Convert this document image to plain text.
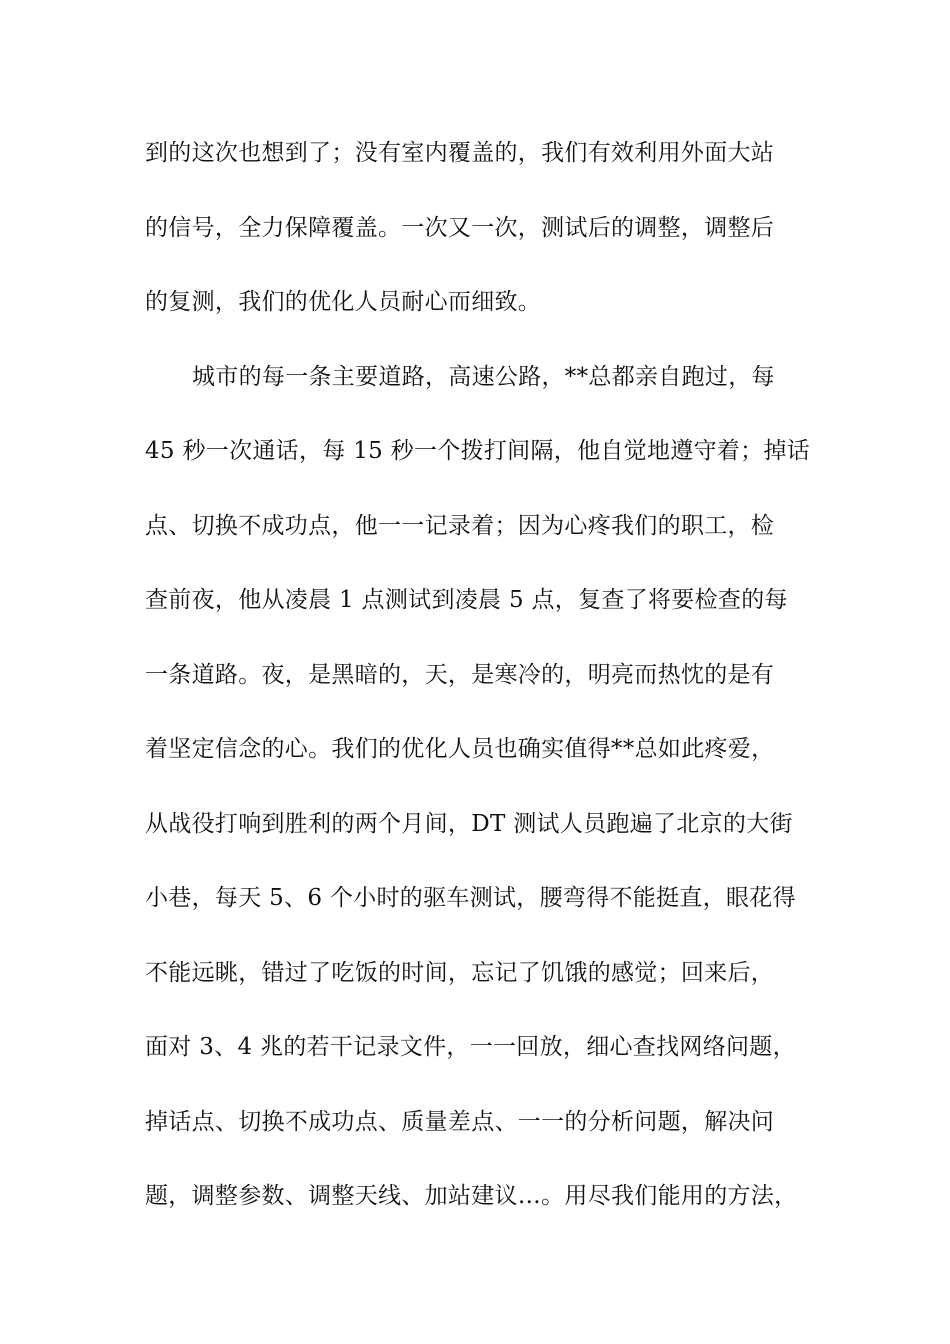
到的这次也想到了；没有室内覆盖的，我们有效利用外面大站
的信号，全力保障覆盖。一次又一次，测试后的调整，调整后
的复测，我们的优化人员耐心而细致。
城市的每一条主要道路，高速公路，**总都亲自跑过，每
45 秒一次通话，每 15 秒一个拨打间隔，他自觉地遵守着；掉话
点、切换不成功点，他一一记录着；因为心疼我们的职工，检
查前夜，他从凌晨 1 点测试到凌晨 5 点，复查了将要检查的每
一条道路。夜，是黑暗的，天，是寒冷的，明亮而热忱的是有
着坚定信念的心。我们的优化人员也确实值得**总如此疼爱，
从战役打响到胜利的两个月间，DT 测试人员跑遍了北京的大街
小巷，每天 5、6 个小时的驱车测试，腰弯得不能挺直，眼花得
不能远眺，错过了吃饭的时间，忘记了饥饿的感觉；回来后，
面对 3、4 兆的若干记录文件，一一回放，细心查找网络问题，
掉话点、切换不成功点、质量差点、一一的分析问题，解决问
题，调整参数、调整天线、加站建议…。用尽我们能用的方法，
